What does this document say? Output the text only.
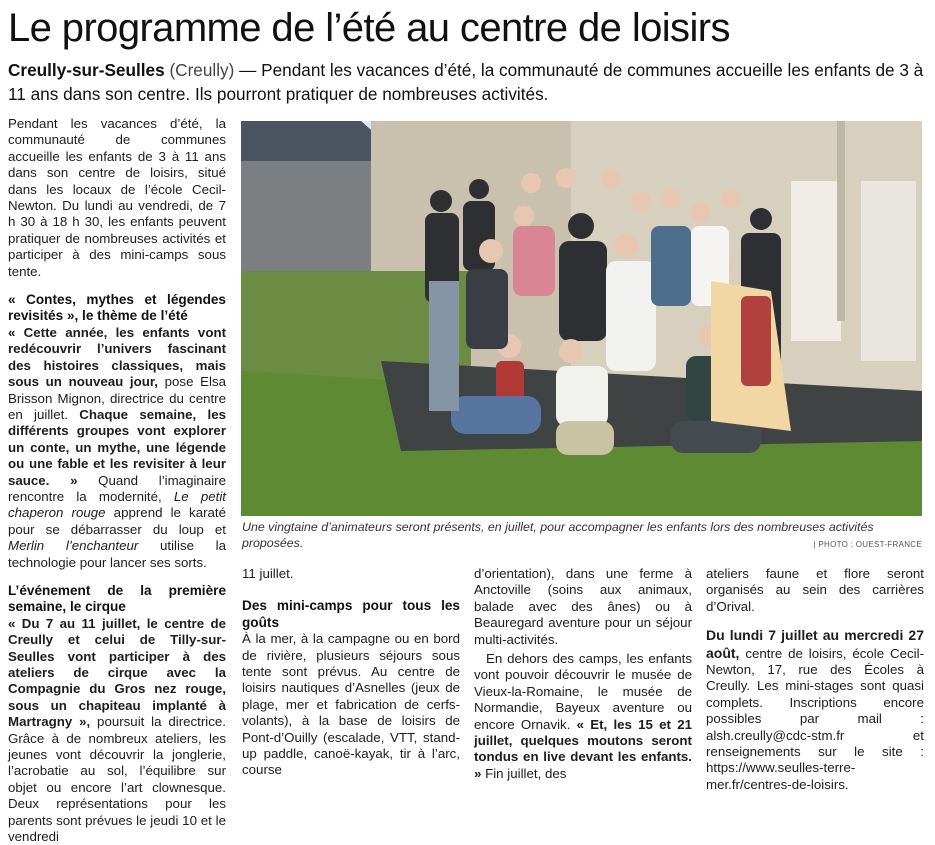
Le programme de l’été au centre de loisirs
Creully-sur-Seulles (Creully) — Pendant les vacances d’été, la communauté de communes accueille les enfants de 3 à 11 ans dans son centre. Ils pourront pratiquer de nombreuses activités.

Pendant les vacances d’été, la communauté de communes accueille les enfants de 3 à 11 ans dans son centre de loisirs, situé dans les locaux de l’école Cecil-Newton. Du lundi au vendredi, de 7 h 30 à 18 h 30, les enfants peuvent pratiquer de nombreuses activités et participer à des mini-camps sous tente.

« Contes, mythes et légendes revisités », le thème de l’été

« Cette année, les enfants vont redécouvrir l’univers fascinant des histoires classiques, mais sous un nouveau jour, pose Elsa Brisson Mignon, directrice du centre en juillet. Chaque semaine, les différents groupes vont explorer un conte, un mythe, une légende ou une fable et les revisiter à leur sauce. » Quand l’imaginaire rencontre la modernité, Le petit chaperon rouge apprend le karaté pour se débarrasser du loup et Merlin l’enchanteur utilise la technologie pour lancer ses sorts.

L’événement de la première semaine, le cirque

« Du 7 au 11 juillet, le centre de Creully et celui de Tilly-sur-Seulles vont participer à des ateliers de cirque avec la Compagnie du Gros nez rouge, sous un chapiteau implanté à Martragny », poursuit la directrice. Grâce à de nombreux ateliers, les jeunes vont découvrir la jonglerie, l’acrobatie au sol, l’équilibre sur objet ou encore l’art clownesque. Deux représentations pour les parents sont prévues le jeudi 10 et le vendredi

Une vingtaine d’animateurs seront présents, en juillet, pour accompagner les enfants lors des nombreuses activités proposées.	| PHOTO : OUEST-FRANCE

11 juillet.

Des mini-camps pour tous les goûts

À la mer, à la campagne ou en bord de rivière, plusieurs séjours sous tente sont prévus. Au centre de loisirs nautiques d’Asnelles (jeux de plage, mer et fabrication de cerfs-volants), à la base de loisirs de Pont-d’Ouilly (escalade, VTT, stand-up paddle, canoë-kayak, tir à l’arc, course

d’orientation), dans une ferme à Anctoville (soins aux animaux, balade avec des ânes) ou à Beauregard aventure pour un séjour multi-activités.

En dehors des camps, les enfants vont pouvoir découvrir le musée de Vieux-la-Romaine, le musée de Normandie, Bayeux aventure ou encore Ornavik. « Et, les 15 et 21 juillet, quelques moutons seront tondus en live devant les enfants. » Fin juillet, des

ateliers faune et flore seront organisés au sein des carrières d’Orival.

Du lundi 7 juillet au mercredi 27 août, centre de loisirs, école Cecil-Newton, 17, rue des Écoles à Creully. Les mini-stages sont quasi complets. Inscriptions encore possibles par mail : alsh.creully@cdc-stm.fr et renseignements sur le site : https://www.seulles-terre-mer.fr/centres-de-loisirs.
